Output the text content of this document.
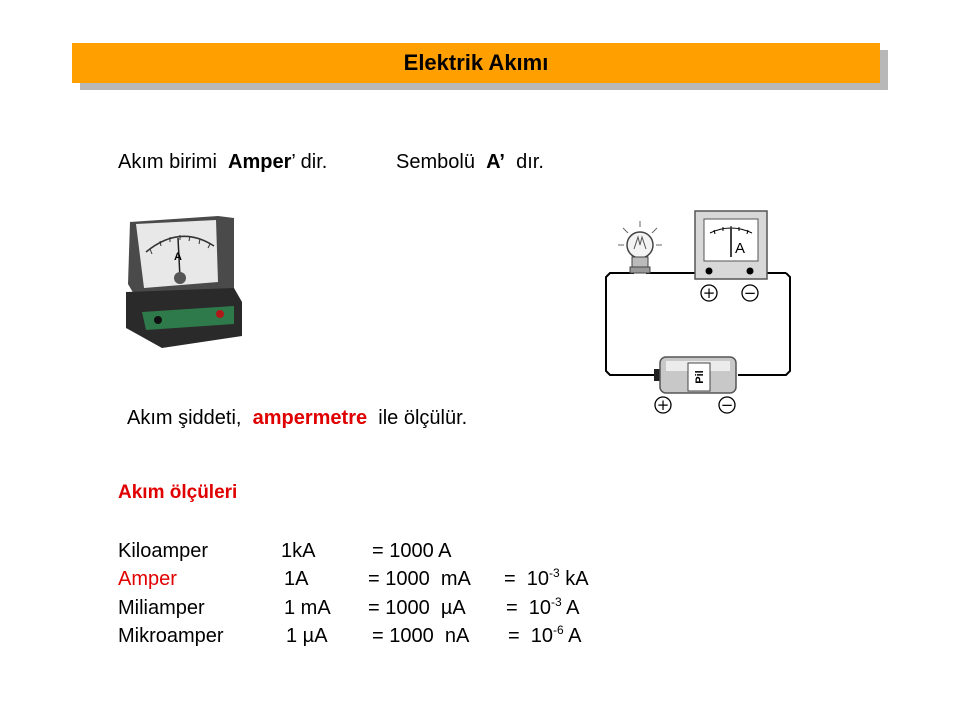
Elektrik Akımı
Akım birimi Amper’ dir.	Sembolü A’ dır.
A	A
+ −
Pil
+	−
Akım şiddeti, ampermetre ile ölçülür.
Akım ölçüleri
Kiloamper	1kA	= 1000 A
Amper	1A	= 1000  mA =  $10^{-3}$ kA
Miliamper	1 mA = 1000  $\mu A = 10^{-3}$ A
Mikroamper	1 µA = 1000  nA =  $10^{-6}$ A
